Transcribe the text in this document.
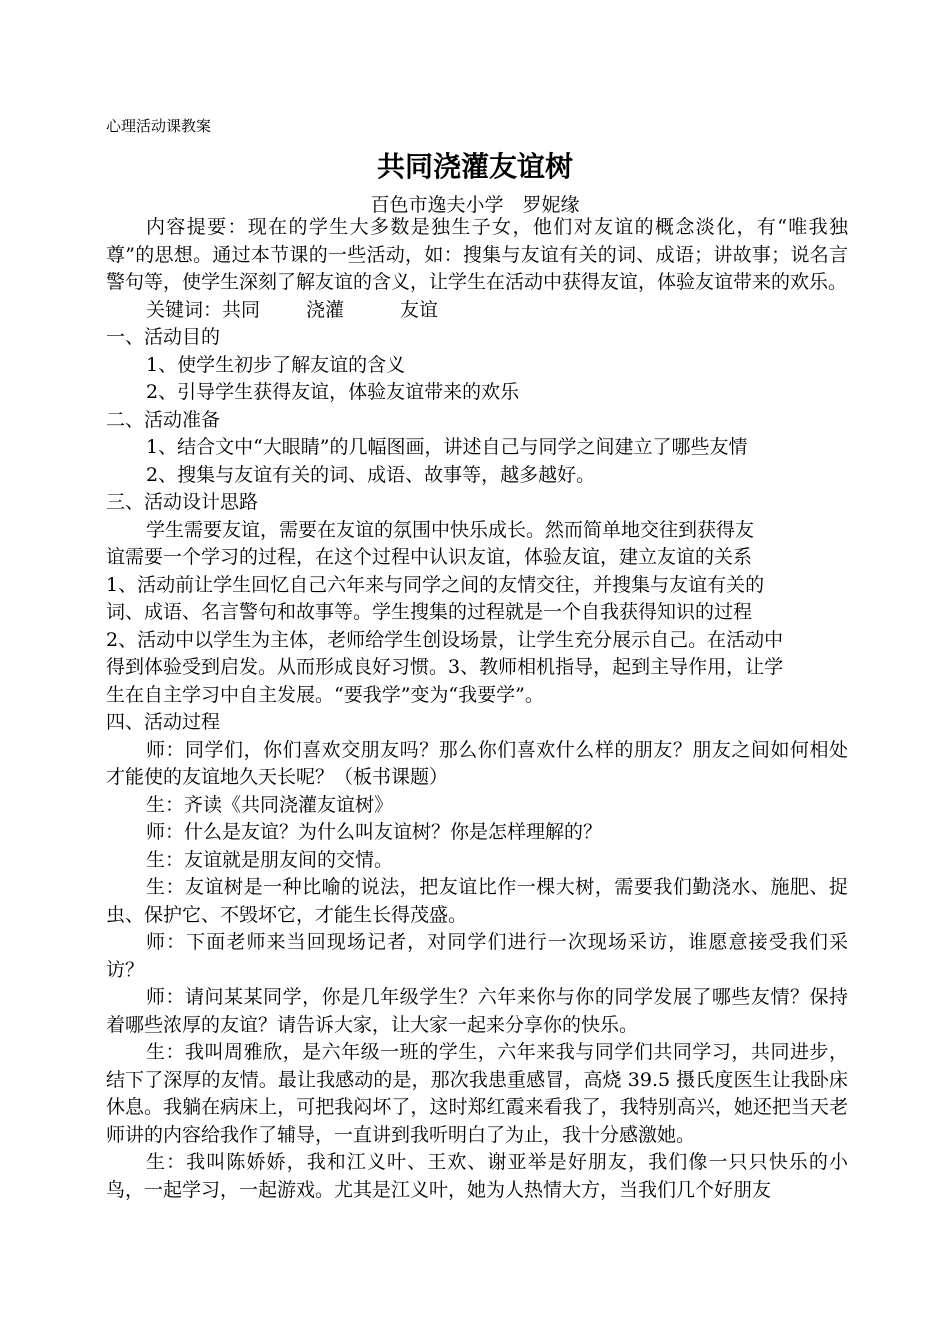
心理活动课教案
共同浇灌友谊树
百色市逸夫小学　罗妮缘

内容提要：现在的学生大多数是独生子女，他们对友谊的概念淡化，有“唯我独尊”的思想。通过本节课的一些活动，如：搜集与友谊有关的词、成语；讲故事；说名言警句等，使学生深刻了解友谊的含义，让学生在活动中获得友谊，体验友谊带来的欢乐。

关键词：共同 浇灌	友谊

一、活动目的

1、使学生初步了解友谊的含义

2、引导学生获得友谊，体验友谊带来的欢乐

二、活动准备

1、结合文中“大眼睛”的几幅图画，讲述自己与同学之间建立了哪些友情

2、搜集与友谊有关的词、成语、故事等，越多越好。

三、活动设计思路

学生需要友谊，需要在友谊的氛围中快乐成长。然而简单地交往到获得友

谊需要一个学习的过程，在这个过程中认识友谊，体验友谊，建立友谊的关系

1、活动前让学生回忆自己六年来与同学之间的友情交往，并搜集与友谊有关的

词、成语、名言警句和故事等。学生搜集的过程就是一个自我获得知识的过程

2、活动中以学生为主体，老师给学生创设场景，让学生充分展示自己。在活动中

得到体验受到启发。从而形成良好习惯。3、教师相机指导，起到主导作用，让学

生在自主学习中自主发展。“要我学”变为“我要学”。

四、活动过程

师：同学们，你们喜欢交朋友吗？那么你们喜欢什么样的朋友？朋友之间如何相处才能使的友谊地久天长呢？（板书课题）

生：齐读《共同浇灌友谊树》

师：什么是友谊？为什么叫友谊树？你是怎样理解的？

生：友谊就是朋友间的交情。

生：友谊树是一种比喻的说法，把友谊比作一棵大树，需要我们勤浇水、施肥、捉虫、保护它、不毁坏它，才能生长得茂盛。

师：下面老师来当回现场记者，对同学们进行一次现场采访，谁愿意接受我们采访？

师：请问某某同学，你是几年级学生？六年来你与你的同学发展了哪些友情？保持着哪些浓厚的友谊？请告诉大家，让大家一起来分享你的快乐。

生：我叫周雅欣，是六年级一班的学生，六年来我与同学们共同学习，共同进步，结下了深厚的友情。最让我感动的是，那次我患重感冒，高烧 39.5 摄氏度医生让我卧床休息。我躺在病床上，可把我闷坏了，这时郑红霞来看我了，我特别高兴，她还把当天老师讲的内容给我作了辅导，一直讲到我听明白了为止，我十分感激她。

生：我叫陈娇娇，我和江义叶、王欢、谢亚举是好朋友，我们像一只只快乐的小鸟，一起学习，一起游戏。尤其是江义叶，她为人热情大方，当我们几个好朋友
